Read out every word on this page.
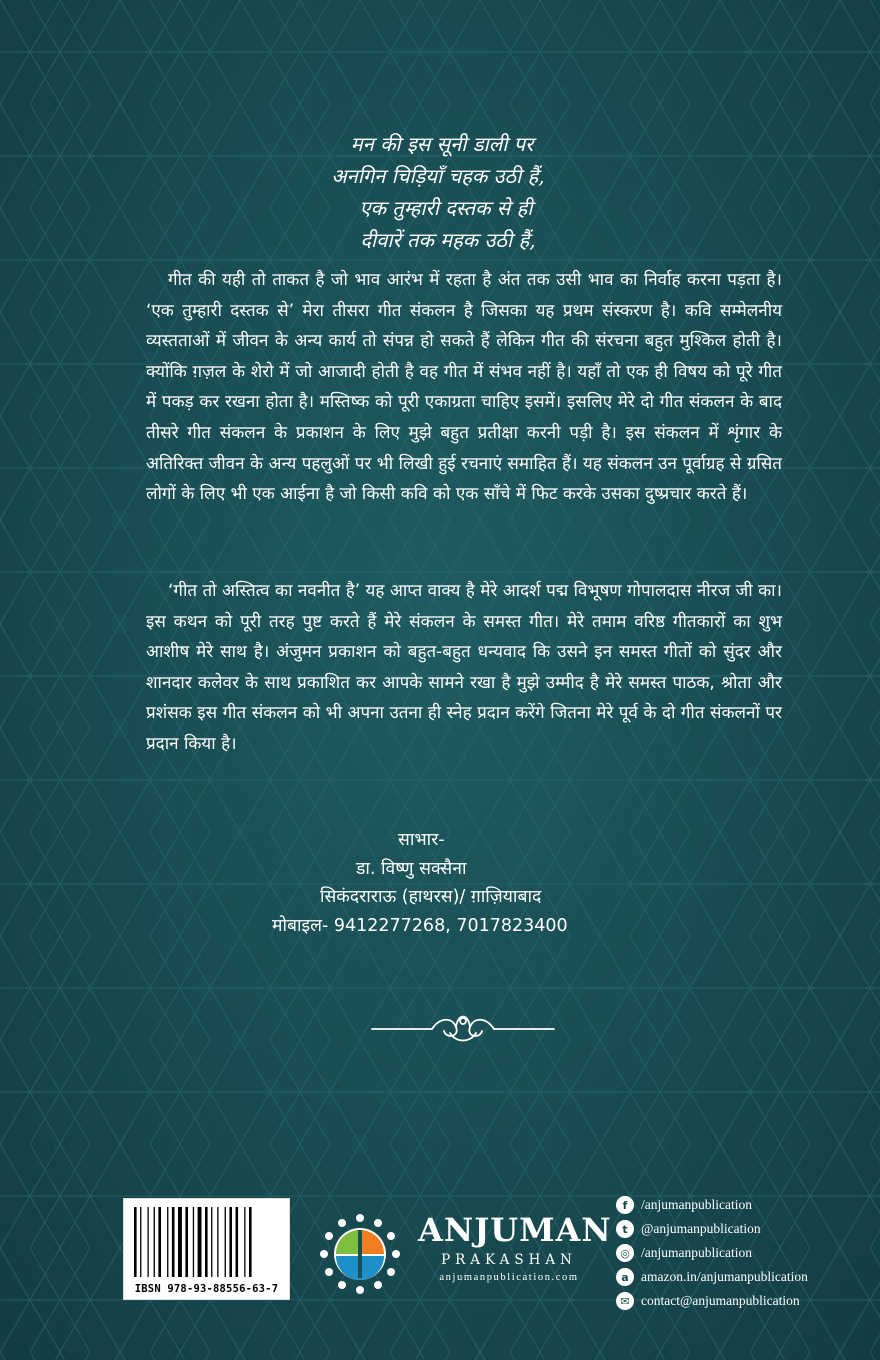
मन की इस सूनी डाली पर
अनगिन चिड़ियाँ चहक उठी हैं,
एक तुम्हारी दस्तक से ही
दीवारें तक महक उठी हैं,

गीत की यही तो ताकत है जो भाव आरंभ में रहता है अंत तक उसी भाव का निर्वाह करना पड़ता है। ‘एक तुम्हारी दस्तक से’ मेरा तीसरा गीत संकलन है जिसका यह प्रथम संस्करण है। कवि सम्मेलनीय व्यस्तताओं में जीवन के अन्य कार्य तो संपन्न हो सकते हैं लेकिन गीत की संरचना बहुत मुश्किल होती है। क्योंकि ग़ज़ल के शेरो में जो आजादी होती है वह गीत में संभव नहीं है। यहाँ तो एक ही विषय को पूरे गीत में पकड़ कर रखना होता है। मस्तिष्क को पूरी एकाग्रता चाहिए इसमें। इसलिए मेरे दो गीत संकलन के बाद तीसरे गीत संकलन के प्रकाशन के लिए मुझे बहुत प्रतीक्षा करनी पड़ी है। इस संकलन में शृंगार के अतिरिक्त जीवन के अन्य पहलुओं पर भी लिखी हुई रचनाएं समाहित हैं। यह संकलन उन पूर्वाग्रह से ग्रसित लोगों के लिए भी एक आईना है जो किसी कवि को एक साँचे में फिट करके उसका दुष्प्रचार करते हैं।

‘गीत तो अस्तित्व का नवनीत है’ यह आप्त वाक्य है मेरे आदर्श पद्म विभूषण गोपालदास नीरज जी का। इस कथन को पूरी तरह पुष्ट करते हैं मेरे संकलन के समस्त गीत। मेरे तमाम वरिष्ठ गीतकारों का शुभ आशीष मेरे साथ है। अंजुमन प्रकाशन को बहुत-बहुत धन्यवाद कि उसने इन समस्त गीतों को सुंदर और शानदार कलेवर के साथ प्रकाशित कर आपके सामने रखा है मुझे उम्मीद है मेरे समस्त पाठक, श्रोता और प्रशंसक इस गीत संकलन को भी अपना उतना ही स्नेह प्रदान करेंगे जितना मेरे पूर्व के दो गीत संकलनों पर प्रदान किया है।

साभार-
डा. विष्णु सक्सैना
सिकंदराराऊ (हाथरस)/ ग़ाज़ियाबाद
मोबाइल- 9412277268, 7017823400
IBSN 978-93-88556-63-7
ANJUMAN
PRAKASHAN
anjumanpublication.com
f	/anjumanpublication
t @anjumanpublication
◎ /anjumanpublication
a amazon.in/anjumanpublication
✉ contact@anjumanpublication
